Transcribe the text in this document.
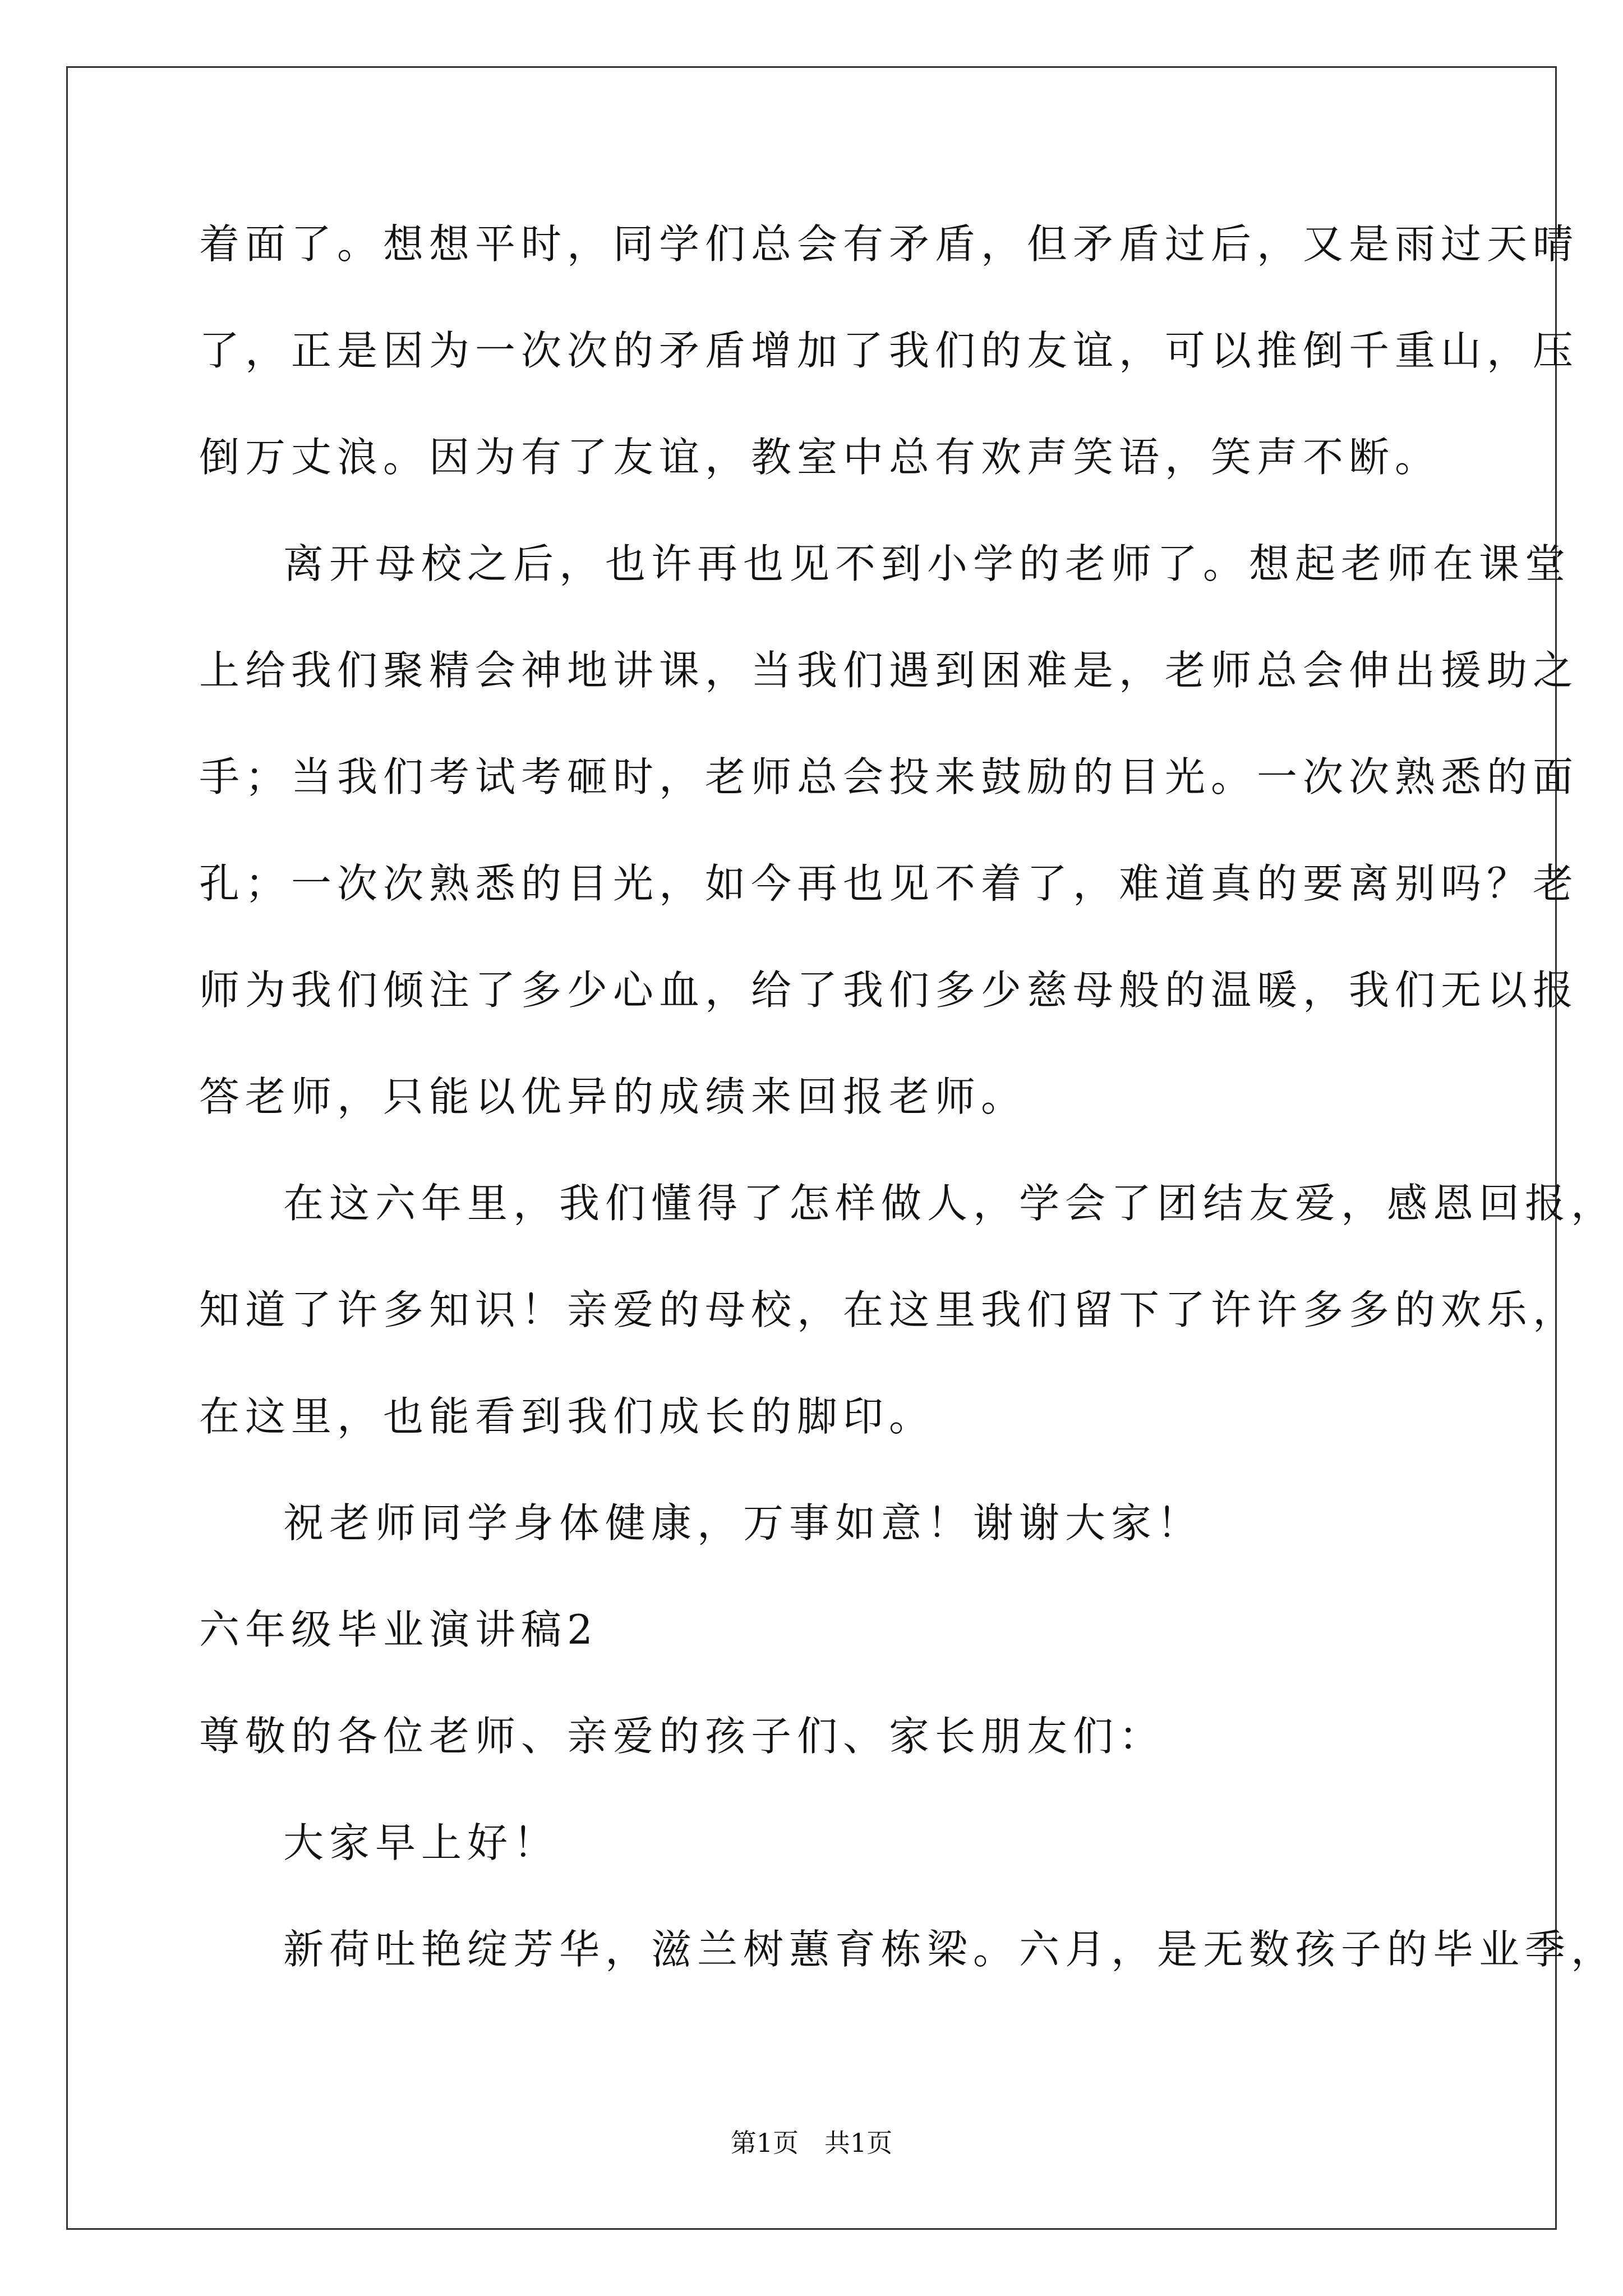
着面了。想想平时，同学们总会有矛盾，但矛盾过后，又是雨过天晴
了，正是因为一次次的矛盾增加了我们的友谊，可以推倒千重山，压
倒万丈浪。因为有了友谊，教室中总有欢声笑语，笑声不断。
离开母校之后，也许再也见不到小学的老师了。想起老师在课堂
上给我们聚精会神地讲课，当我们遇到困难是，老师总会伸出援助之
手；当我们考试考砸时，老师总会投来鼓励的目光。一次次熟悉的面
孔；一次次熟悉的目光，如今再也见不着了，难道真的要离别吗？老
师为我们倾注了多少心血，给了我们多少慈母般的温暖，我们无以报
答老师，只能以优异的成绩来回报老师。
在这六年里，我们懂得了怎样做人，学会了团结友爱，感恩回报，
知道了许多知识！亲爱的母校，在这里我们留下了许许多多的欢乐，
在这里，也能看到我们成长的脚印。
祝老师同学身体健康，万事如意！谢谢大家！
六年级毕业演讲稿2
尊敬的各位老师、亲爱的孩子们、家长朋友们：
大家早上好！
新荷吐艳绽芳华，滋兰树蕙育栋梁。六月，是无数孩子的毕业季，
第1页　共1页
